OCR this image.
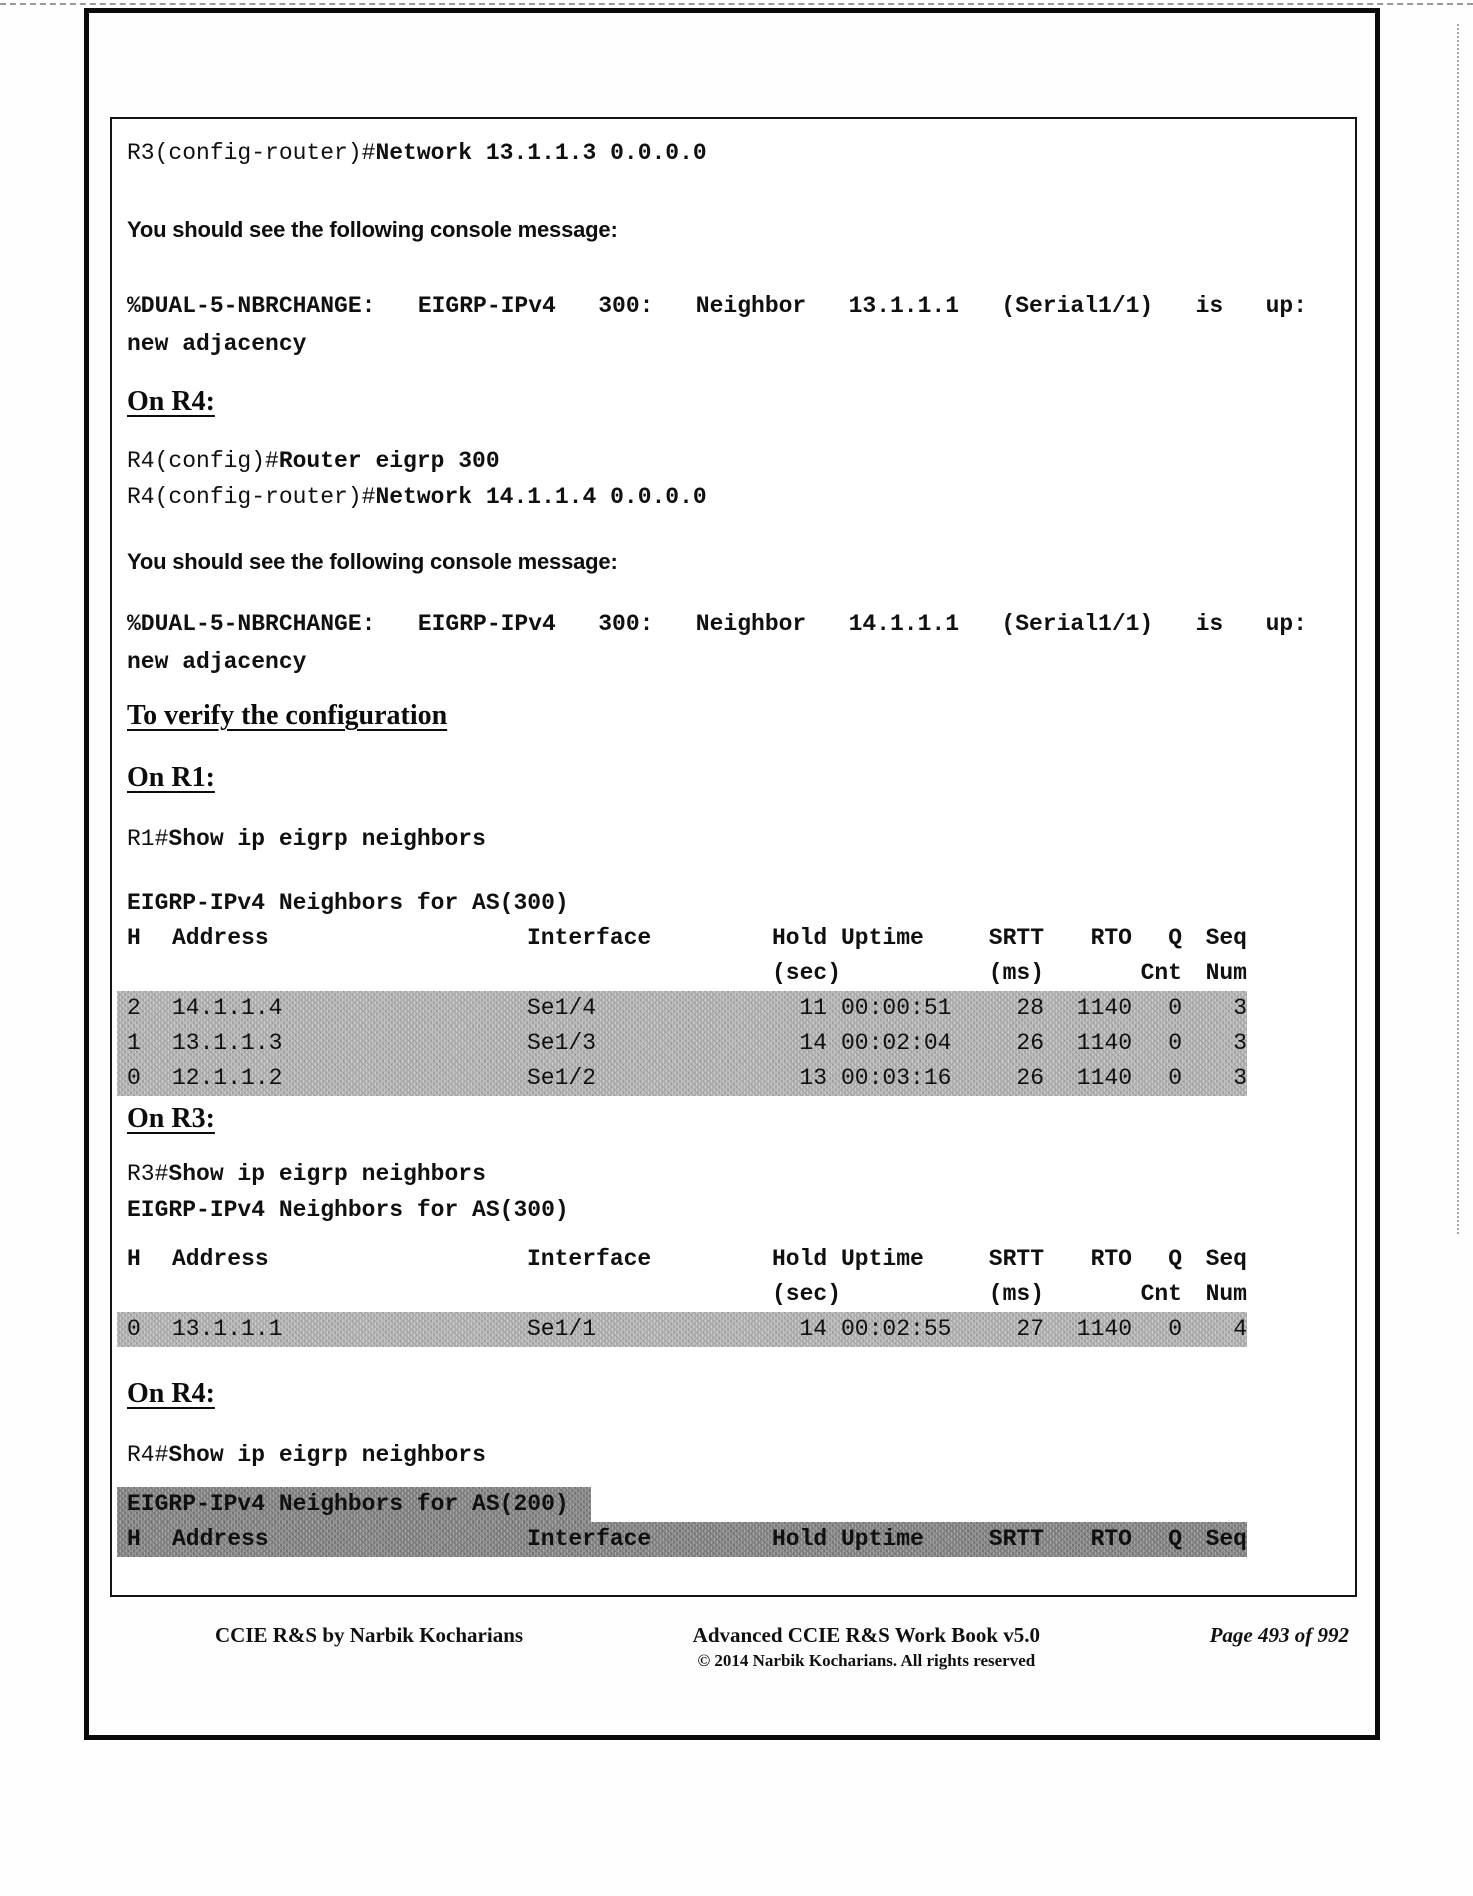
R3(config-router)#Network 13.1.1.3 0.0.0.0
You should see the following console message:
%DUAL-5-NBRCHANGE: EIGRP-IPv4 300: Neighbor 13.1.1.1 (Serial1/1) is up:
new adjacency
On R4:
R4(config)#Router eigrp 300
R4(config-router)#Network 14.1.1.4 0.0.0.0
You should see the following console message:
%DUAL-5-NBRCHANGE: EIGRP-IPv4 300: Neighbor 14.1.1.1 (Serial1/1) is up:
new adjacency
To verify the configuration
On R1:
R1#Show ip eigrp neighbors
EIGRP-IPv4 Neighbors for AS(300)
H	Address	Interface	Hold	Uptime	SRTT	RTO	Q	Seq
			(sec)		(ms)		Cnt	Num
2	14.1.1.4	Se1/4	11	00:00:51	28	1140	0	3
1	13.1.1.3	Se1/3	14	00:02:04	26	1140	0	3
0	12.1.1.2	Se1/2	13	00:03:16	26	1140	0	3
On R3:
R3#Show ip eigrp neighbors
EIGRP-IPv4 Neighbors for AS(300)
H	Address	Interface	Hold	Uptime	SRTT	RTO	Q	Seq
			(sec)		(ms)		Cnt	Num
0	13.1.1.1	Se1/1	14	00:02:55	27	1140	0	4
On R4:
R4#Show ip eigrp neighbors
EIGRP-IPv4 Neighbors for AS(200)
H	Address	Interface	Hold	Uptime	SRTT	RTO	Q	Seq
CCIE R&S by Narbik Kocharians	Advanced CCIE R&S Work Book v5.0
© 2014 Narbik Kocharians. All rights reserved
Page 493 of 992
